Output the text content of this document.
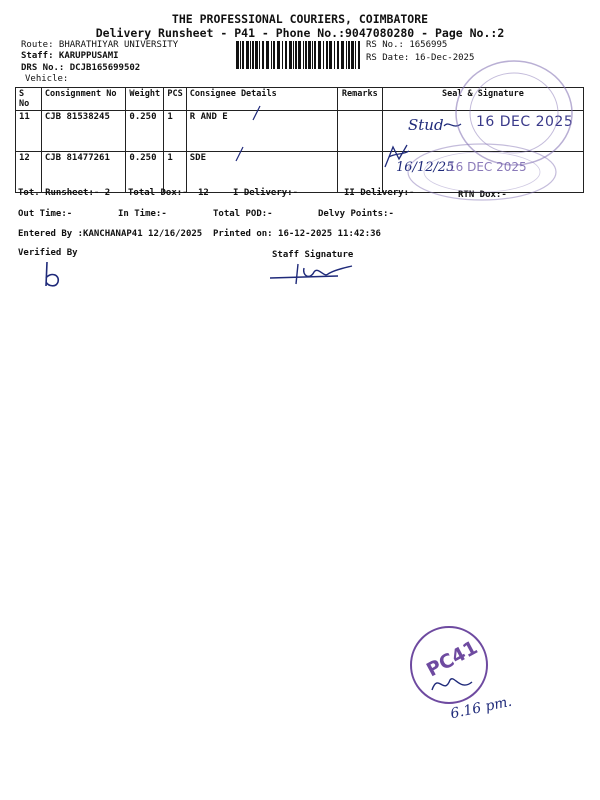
THE PROFESSIONAL COURIERS, COIMBATORE
Delivery Runsheet - P41 - Phone No.:9047080280 - Page No.:2
Route: BHARATHIYAR UNIVERSITY
Staff: KARUPPUSAMI
DRS No.: DCJB165699502
Vehicle:
RS No.: 1656995
RS Date: 16-Dec-2025
S No	Consignment No	Weight	PCS	Consignee Details	Remarks	Seal & Signature
11	CJB 81538245	0.250	1	R AND E		
12	CJB 81477261	0.250	1	SDE		
Tot. Runsheet:- 2 Total Dox:- 12	I Delivery:-	II Delivery:-	RTN Dox:-
Out Time:-	In Time:-	Total POD:-	Delvy Points:-
Entered By :KANCHANAP41 12/16/2025 Printed on: 16-12-2025 11:42:36
Verified By	Staff Signature
Stud 16 DEC 2025
16/12/25
16 DEC 2025
PC41
6.16 pm.
